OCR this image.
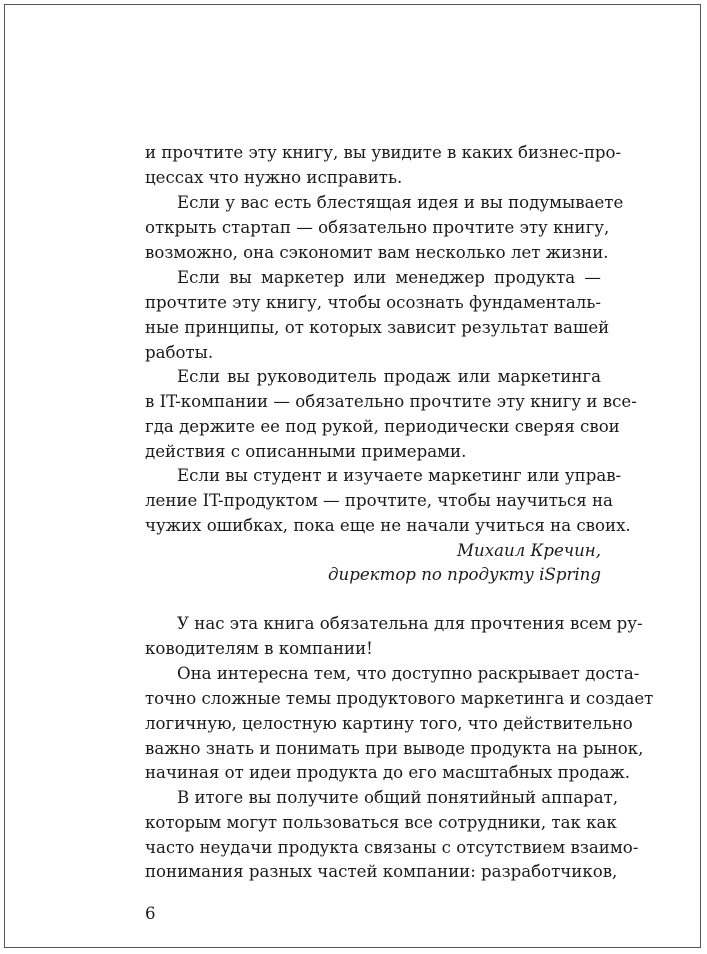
и прочтите эту книгу, вы увидите в каких бизнес-про-
цессах что нужно исправить.
Если у вас есть блестящая идея и вы подумываете
открыть стартап — обязательно прочтите эту книгу,
возможно, она сэкономит вам несколько лет жизни.
Если вы маркетер или менеджер продукта —
прочтите эту книгу, чтобы осознать фундаменталь-
ные принципы, от которых зависит результат вашей
работы.
Если вы руководитель продаж или маркетинга
в IT-компании — обязательно прочтите эту книгу и все-
гда держите ее под рукой, периодически сверяя свои
действия с описанными примерами.
Если вы студент и изучаете маркетинг или управ-
ление IT-продуктом — прочтите, чтобы научиться на
чужих ошибках, пока еще не начали учиться на своих.
Михаил Кречин,
директор по продукту iSpring
У нас эта книга обязательна для прочтения всем ру-
ководителям в компании!
Она интересна тем, что доступно раскрывает доста-
точно сложные темы продуктового маркетинга и создает
логичную, целостную картину того, что действительно
важно знать и понимать при выводе продукта на рынок,
начиная от идеи продукта до его масштабных продаж.
В итоге вы получите общий понятийный аппарат,
которым могут пользоваться все сотрудники, так как
часто неудачи продукта связаны с отсутствием взаимо-
понимания разных частей компании: разработчиков,
6
